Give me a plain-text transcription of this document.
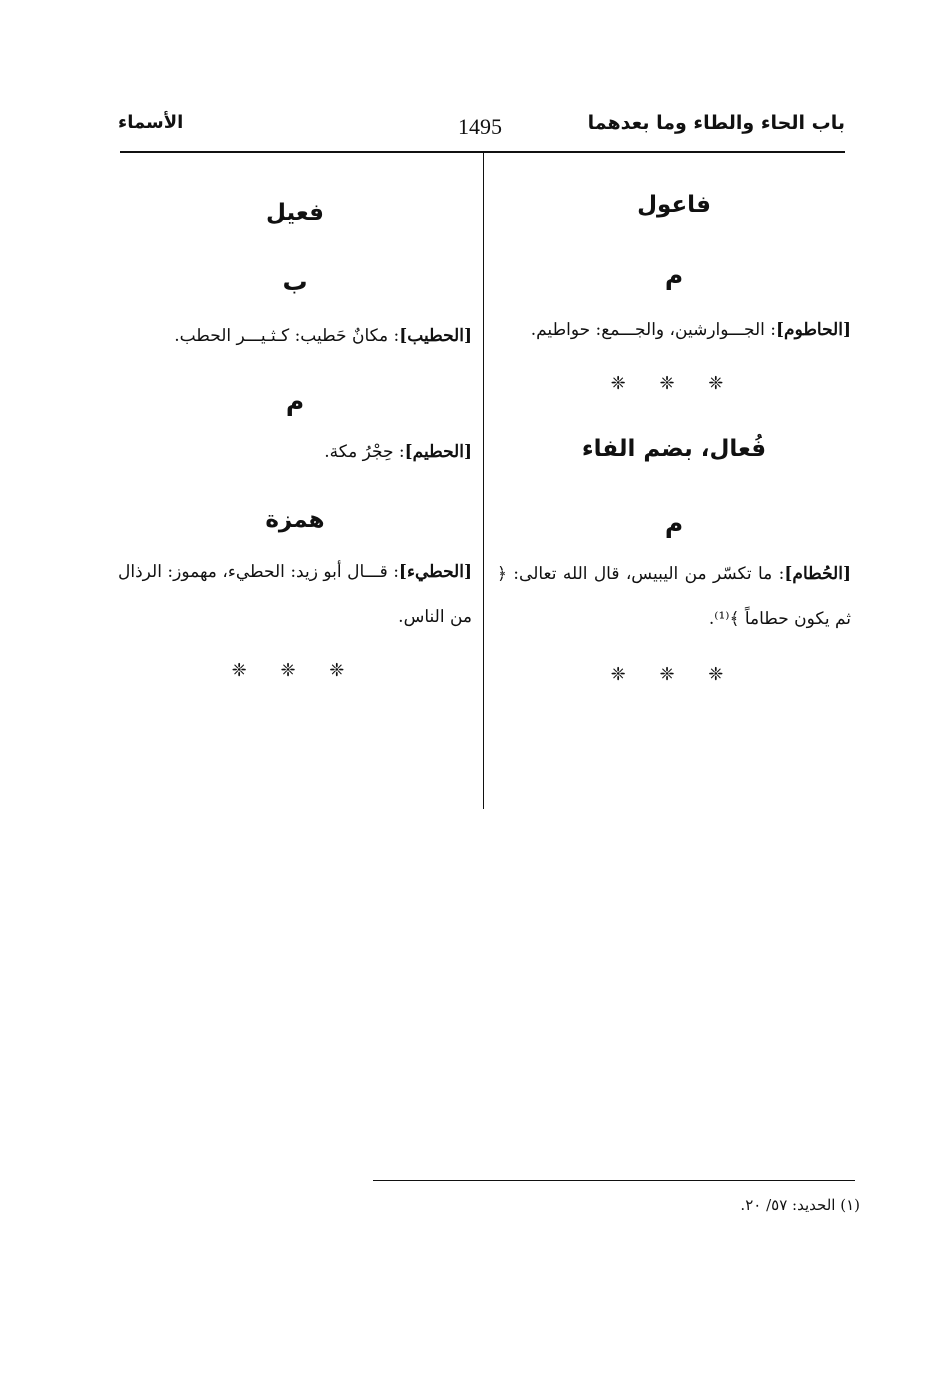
باب الحاء والطاء وما بعدهما
1495
الأسماء

فاعول

م

[الحاطوم]: الجـــوارشين، والجـــمع: حواطيم.

❈ ❈ ❈

فُعال، بضم الفاء

م

[الحُطام]: ما تكسّر من اليبيس، قال الله تعالى: ﴿ ثم يكون حطاماً ﴾⁽¹⁾.

❈ ❈ ❈

فعيل

ب

[الحطيب]: مكانٌ حَطيب: كـثـيـــر الحطب.

م

[الحطيم]: حِجْرُ مكة.

همزة

[الحطيء]: قـــال أبو زيد: الحطيء، مهموز: الرذال من الناس.

❈ ❈ ❈

(١) الحديد: ٥٧/ ٢٠.
